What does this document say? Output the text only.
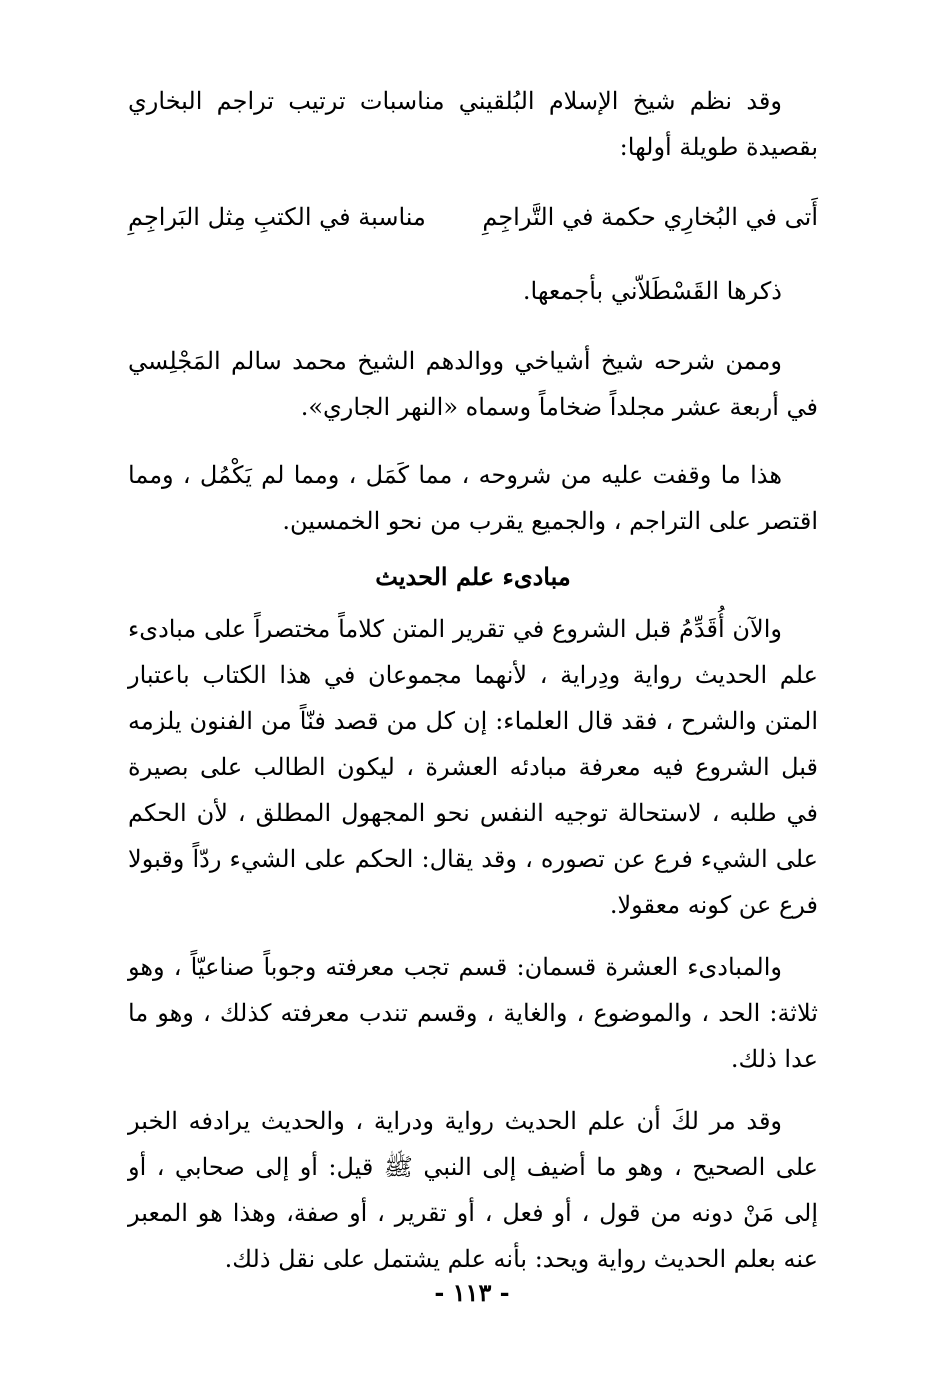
وقد نظم شيخ الإسلام البُلقيني مناسبات ترتيب تراجم البخاري بقصيدة طويلة أولها:

أَتى في البُخارِي حكمة في التَّراجِمِ
مناسبة في الكتبِ مِثل البَراجِمِ

ذكرها القَسْطَلاّني بأجمعها.

وممن شرحه شيخ أشياخي ووالدهم الشيخ محمد سالم المَجْلِسي في أربعة عشر مجلداً ضخاماً وسماه «النهر الجاري».

هذا ما وقفت عليه من شروحه ، مما كَمَل ، ومما لم يَكْمُل ، ومما اقتصر على التراجم ، والجميع يقرب من نحو الخمسين.

مبادىء علم الحديث

والآن أُقَدِّمُ قبل الشروع في تقرير المتن كلاماً مختصراً على مبادىء علم الحديث رواية ودِراية ، لأنهما مجموعان في هذا الكتاب باعتبار المتن والشرح ، فقد قال العلماء: إن كل من قصد فنّاً من الفنون يلزمه قبل الشروع فيه معرفة مبادئه العشرة ، ليكون الطالب على بصيرة في طلبه ، لاستحالة توجيه النفس نحو المجهول المطلق ، لأن الحكم على الشيء فرع عن تصوره ، وقد يقال: الحكم على الشيء ردّاً وقبولا فرع عن كونه معقولا.

والمبادىء العشرة قسمان: قسم تجب معرفته وجوباً صناعيّاً ، وهو ثلاثة: الحد ، والموضوع ، والغاية ، وقسم تندب معرفته كذلك ، وهو ما عدا ذلك.

وقد مر لكَ أن علم الحديث رواية ودراية ، والحديث يرادفه الخبر على الصحيح ، وهو ما أضيف إلى النبي ﷺ قيل: أو إلى صحابي ، أو إلى مَنْ دونه من قول ، أو فعل ، أو تقرير ، أو صفة، وهذا هو المعبر عنه بعلم الحديث رواية ويحد: بأنه علم يشتمل على نقل ذلك.

- ١١٣ -
